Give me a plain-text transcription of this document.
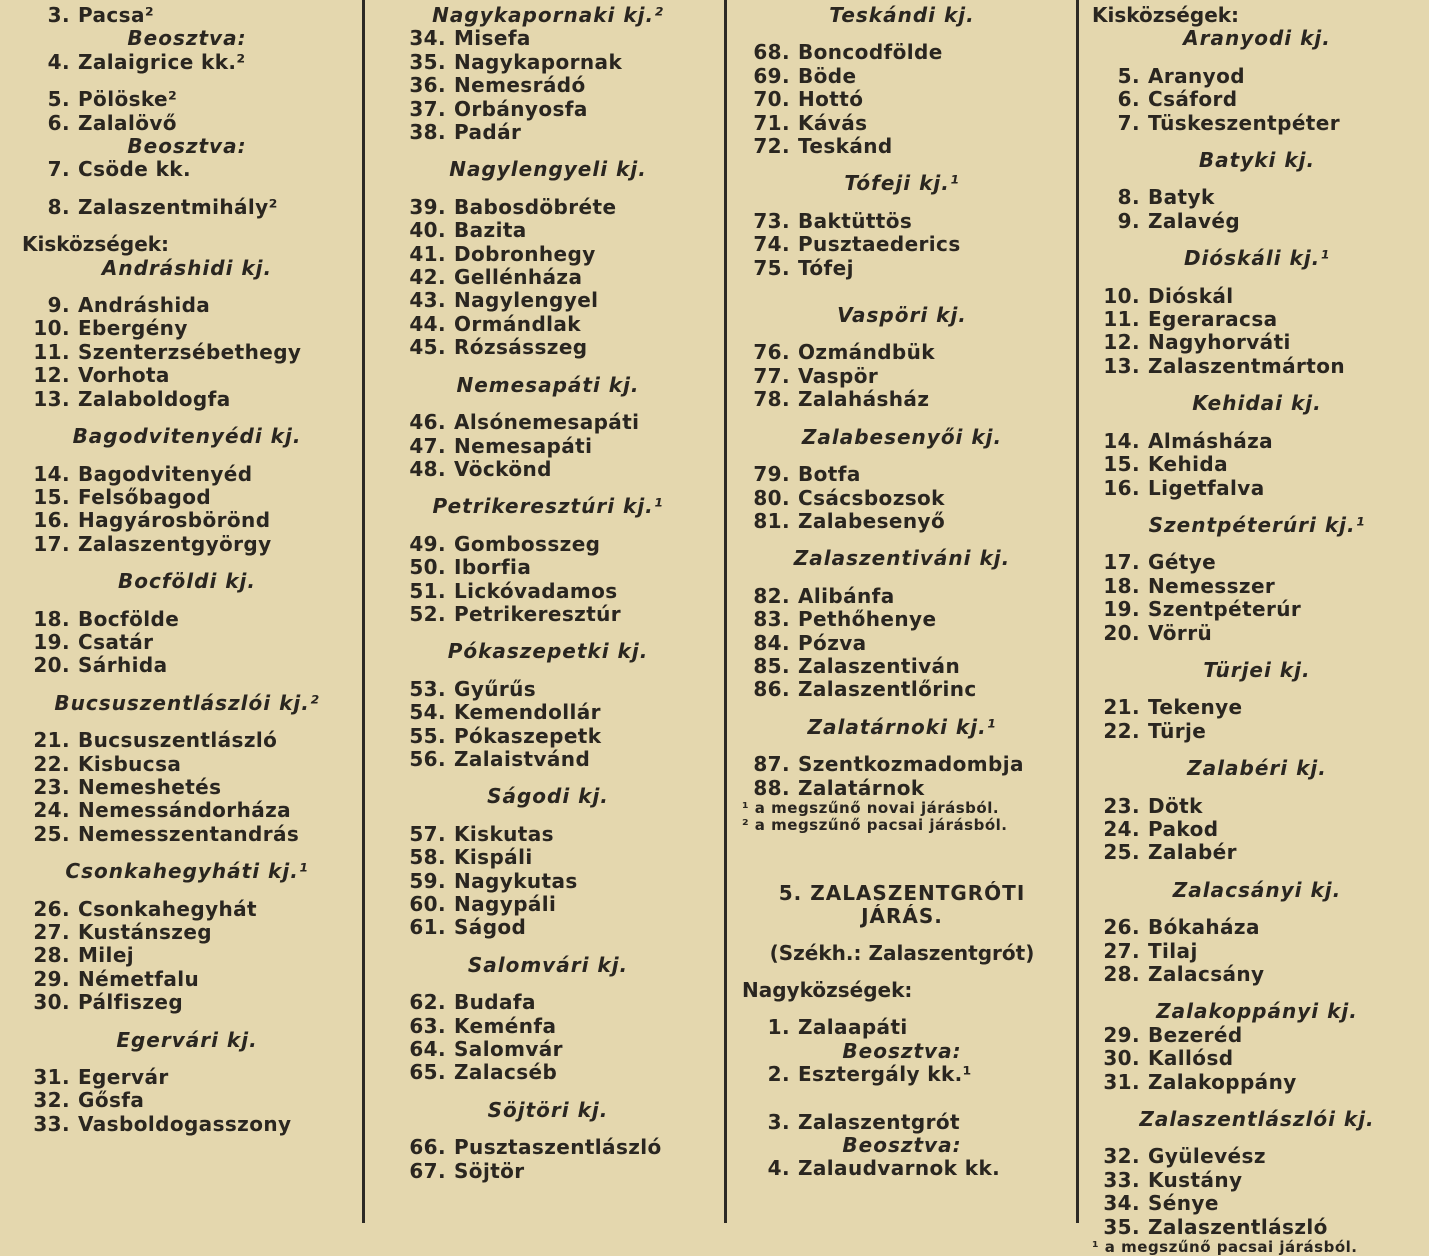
3. Pacsa²
Beosztva:
4. Zalaigrice kk.²
5. Pölöske²
6. Zalalövő
Beosztva:
7. Csöde kk.
8. Zalaszentmihály²
Kisközségek:
Andráshidi kj.
9. Andráshida
10. Ebergény
11. Szenterzsébethegy
12. Vorhota
13. Zalaboldogfa
Bagodvitenyédi kj.
14. Bagodvitenyéd
15. Felsőbagod
16. Hagyárosbörönd
17. Zalaszentgyörgy
Bocföldi kj.
18. Bocfölde
19. Csatár
20. Sárhida
Bucsuszentlászlói kj.²
21. Bucsuszentlászló
22. Kisbucsa
23. Nemeshetés
24. Nemessándorháza
25. Nemesszentandrás
Csonkahegyháti kj.¹
26. Csonkahegyhát
27. Kustánszeg
28. Milej
29. Németfalu
30. Pálfiszeg
Egervári kj.
31. Egervár
32. Gősfa
33. Vasboldogasszony
Nagykapornaki kj.²
34. Misefa
35. Nagykapornak
36. Nemesrádó
37. Orbányosfa
38. Padár
Nagylengyeli kj.
39. Babosdöbréte
40. Bazita
41. Dobronhegy
42. Gellénháza
43. Nagylengyel
44. Ormándlak
45. Rózsásszeg
Nemesapáti kj.
46. Alsónemesapáti
47. Nemesapáti
48. Vöckönd
Petrikeresztúri kj.¹
49. Gombosszeg
50. Iborfia
51. Lickóvadamos
52. Petrikeresztúr
Pókaszepetki kj.
53. Gyűrűs
54. Kemendollár
55. Pókaszepetk
56. Zalaistvánd
Ságodi kj.
57. Kiskutas
58. Kispáli
59. Nagykutas
60. Nagypáli
61. Ságod
Salomvári kj.
62. Budafa
63. Keménfa
64. Salomvár
65. Zalacséb
Söjtöri kj.
66. Pusztaszentlászló
67. Söjtör
Teskándi kj.
68. Boncodfölde
69. Böde
70. Hottó
71. Kávás
72. Teskánd
Tófeji kj.¹
73. Baktüttös
74. Pusztaederics
75. Tófej
Vaspöri kj.
76. Ozmándbük
77. Vaspör
78. Zalahásház
Zalabesenyői kj.
79. Botfa
80. Csácsbozsok
81. Zalabesenyő
Zalaszentiváni kj.
82. Alibánfa
83. Pethőhenye
84. Pózva
85. Zalaszentiván
86. Zalaszentlőrinc
Zalatárnoki kj.¹
87. Szentkozmadombja
88. Zalatárnok
¹ a megszűnő novai járásból.
² a megszűnő pacsai járásból.
5. ZALASZENTGRÓTI
JÁRÁS.
(Székh.: Zalaszentgrót)
Nagyközségek:
1. Zalaapáti
Beosztva:
2. Esztergály kk.¹
3. Zalaszentgrót
Beosztva:
4. Zalaudvarnok kk.
Kisközségek:
Aranyodi kj.
5. Aranyod
6. Csáford
7. Tüskeszentpéter
Batyki kj.
8. Batyk
9. Zalavég
Dióskáli kj.¹
10. Dióskál
11. Egeraracsa
12. Nagyhorváti
13. Zalaszentmárton
Kehidai kj.
14. Almásháza
15. Kehida
16. Ligetfalva
Szentpéterúri kj.¹
17. Gétye
18. Nemesszer
19. Szentpéterúr
20. Vörrü
Türjei kj.
21. Tekenye
22. Türje
Zalabéri kj.
23. Dötk
24. Pakod
25. Zalabér
Zalacsányi kj.
26. Bókaháza
27. Tilaj
28. Zalacsány
Zalakoppányi kj.
29. Bezeréd
30. Kallósd
31. Zalakoppány
Zalaszentlászlói kj.
32. Gyülevész
33. Kustány
34. Sénye
35. Zalaszentlászló
¹ a megszűnő pacsai járásból.
